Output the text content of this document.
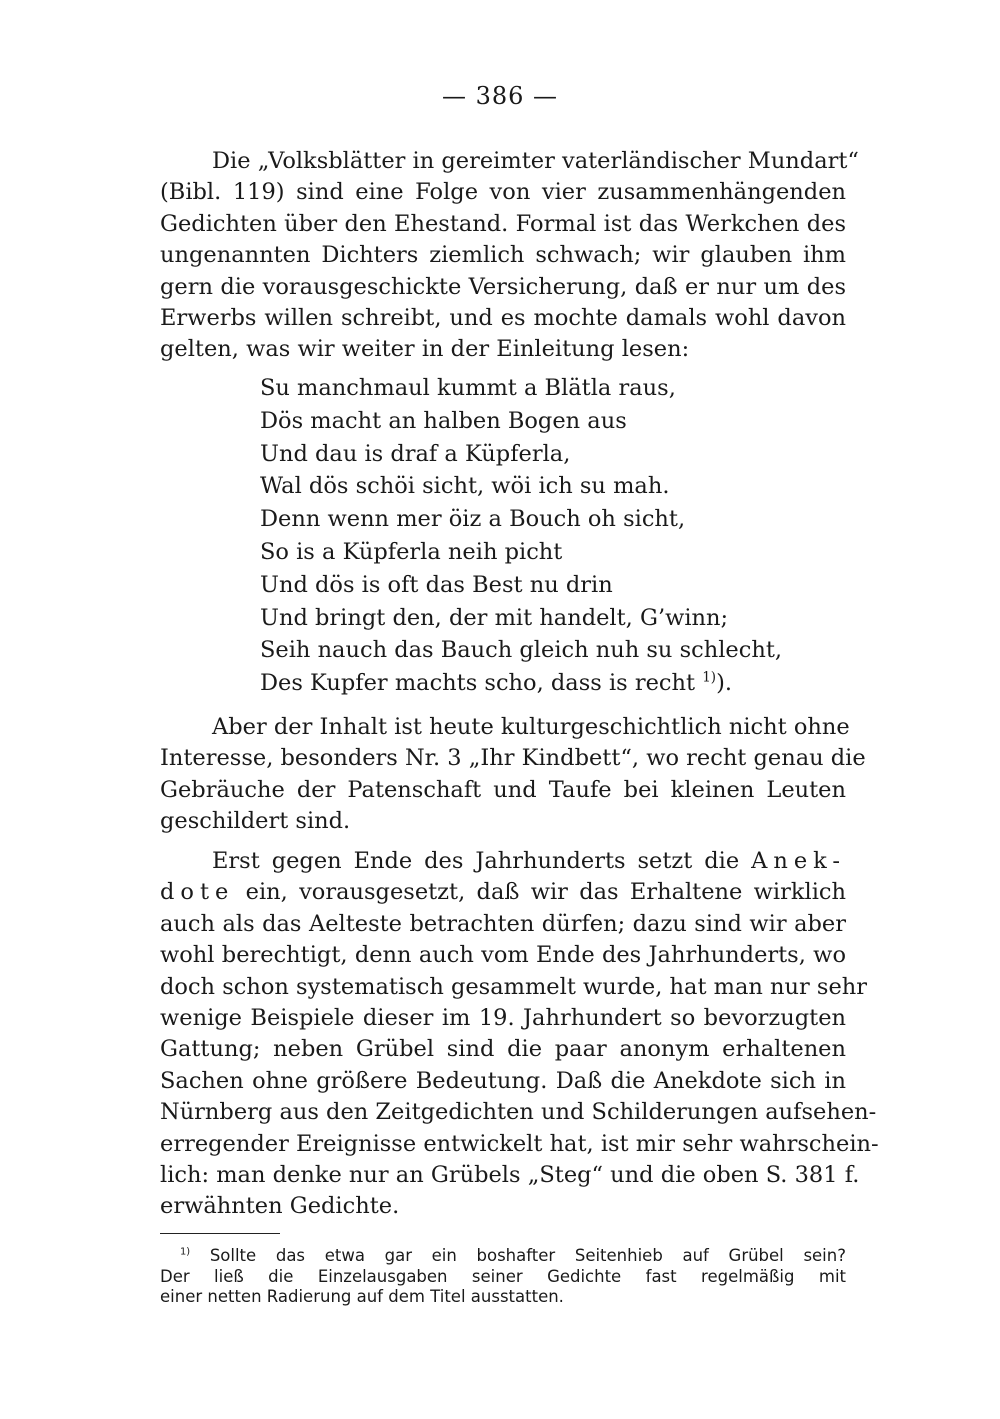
— 386 —
Die „Volksblätter in gereimter vaterländischer Mundart“
(Bibl. 119) sind eine Folge von vier zusammenhängenden
Gedichten über den Ehestand. Formal ist das Werkchen des
ungenannten Dichters ziemlich schwach; wir glauben ihm
gern die vorausgeschickte Versicherung, daß er nur um des
Erwerbs willen schreibt, und es mochte damals wohl davon
gelten, was wir weiter in der Einleitung lesen:
Su manchmaul kummt a Blätla raus,
Dös macht an halben Bogen aus
Und dau is draf a Küpferla,
Wal dös schöi sicht, wöi ich su mah.
Denn wenn mer öiz a Bouch oh sicht,
So is a Küpferla neih picht
Und dös is oft das Best nu drin
Und bringt den, der mit handelt, G’winn;
Seih nauch das Bauch gleich nuh su schlecht,
Des Kupfer machts scho, dass is recht $^{1)}$).
Aber der Inhalt ist heute kulturgeschichtlich nicht ohne
Interesse, besonders Nr. 3 „Ihr Kindbett“, wo recht genau die
Gebräuche der Patenschaft und Taufe bei kleinen Leuten
geschildert sind.
Erst gegen Ende des Jahrhunderts setzt die Anek-
dote ein, vorausgesetzt, daß wir das Erhaltene wirklich
auch als das Aelteste betrachten dürfen; dazu sind wir aber
wohl berechtigt, denn auch vom Ende des Jahrhunderts, wo
doch schon systematisch gesammelt wurde, hat man nur sehr
wenige Beispiele dieser im 19. Jahrhundert so bevorzugten
Gattung; neben Grübel sind die paar anonym erhaltenen
Sachen ohne größere Bedeutung. Daß die Anekdote sich in
Nürnberg aus den Zeitgedichten und Schilderungen aufsehen-
erregender Ereignisse entwickelt hat, ist mir sehr wahrschein-
lich: man denke nur an Grübels „Steg“ und die oben S. 381 f.
erwähnten Gedichte.
$^{1)}$ Sollte das etwa gar ein boshafter Seitenhieb auf Grübel sein?
Der ließ die Einzelausgaben seiner Gedichte fast regelmäßig mit
einer netten Radierung auf dem Titel ausstatten.
